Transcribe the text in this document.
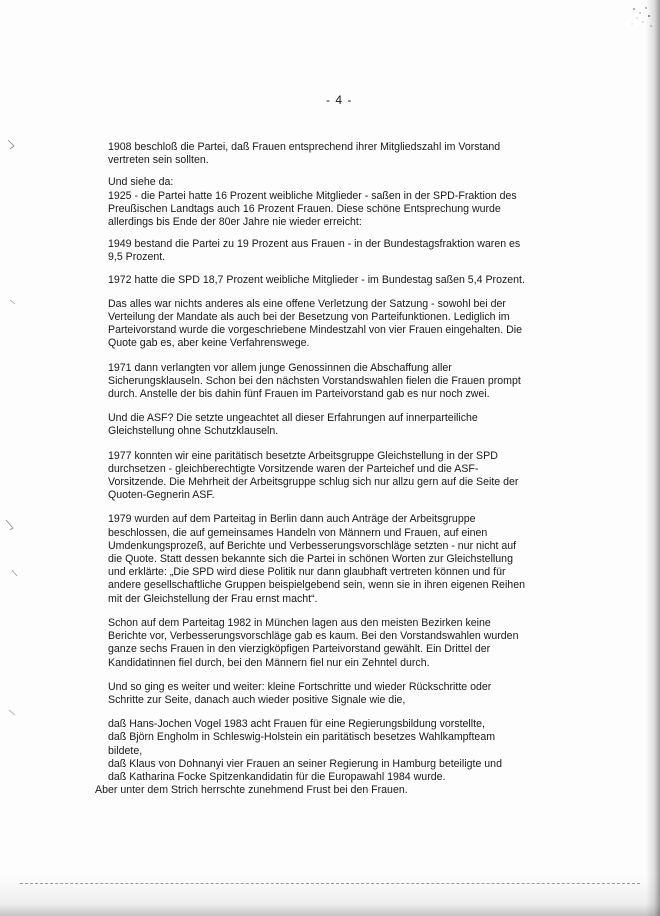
- 4 -

1908 beschloß die Partei, daß Frauen entsprechend ihrer Mitgliedszahl im Vorstand vertreten sein sollten.

Und siehe da:

1925 - die Partei hatte 16 Prozent weibliche Mitglieder - saßen in der SPD-Fraktion des Preußischen Landtags auch 16 Prozent Frauen. Diese schöne Entsprechung wurde allerdings bis Ende der 80er Jahre nie wieder erreicht:

1949 bestand die Partei zu 19 Prozent aus Frauen - in der Bundestagsfraktion waren es 9,5 Prozent.

1972 hatte die SPD 18,7 Prozent weibliche Mitglieder - im Bundestag saßen 5,4 Prozent.

Das alles war nichts anderes als eine offene Verletzung der Satzung - sowohl bei der Verteilung der Mandate als auch bei der Besetzung von Parteifunktionen. Lediglich im Parteivorstand wurde die vorgeschriebene Mindestzahl von vier Frauen eingehalten. Die Quote gab es, aber keine Verfahrenswege.

1971 dann verlangten vor allem junge Genossinnen die Abschaffung aller Sicherungsklauseln. Schon bei den nächsten Vorstandswahlen fielen die Frauen prompt durch. Anstelle der bis dahin fünf Frauen im Parteivorstand gab es nur noch zwei.

Und die ASF? Die setzte ungeachtet all dieser Erfahrungen auf innerparteiliche Gleichstellung ohne Schutzklauseln.

1977 konnten wir eine paritätisch besetzte Arbeitsgruppe Gleichstellung in der SPD durchsetzen - gleichberechtigte Vorsitzende waren der Parteichef und die ASF-Vorsitzende. Die Mehrheit der Arbeitsgruppe schlug sich nur allzu gern auf die Seite der Quoten-Gegnerin ASF.

1979 wurden auf dem Parteitag in Berlin dann auch Anträge der Arbeitsgruppe beschlossen, die auf gemeinsames Handeln von Männern und Frauen, auf einen Umdenkungsprozeß, auf Berichte und Verbesserungsvorschläge setzten - nur nicht auf die Quote. Statt dessen bekannte sich die Partei in schönen Worten zur Gleichstellung und erklärte: „Die SPD wird diese Politik nur dann glaubhaft vertreten können und für andere gesellschaftliche Gruppen beispielgebend sein, wenn sie in ihren eigenen Reihen mit der Gleichstellung der Frau ernst macht“.

Schon auf dem Parteitag 1982 in München lagen aus den meisten Bezirken keine Berichte vor, Verbesserungsvorschläge gab es kaum. Bei den Vorstandswahlen wurden ganze sechs Frauen in den vierzigköpfigen Parteivorstand gewählt. Ein Drittel der Kandidatinnen fiel durch, bei den Männern fiel nur ein Zehntel durch.

Und so ging es weiter und weiter: kleine Fortschritte und wieder Rückschritte oder Schritte zur Seite, danach auch wieder positive Signale wie die,

daß Hans-Jochen Vogel 1983 acht Frauen für eine Regierungsbildung vorstellte,

daß Björn Engholm in Schleswig-Holstein ein paritätisch besetzes Wahlkampfteam bildete,

daß Klaus von Dohnanyi vier Frauen an seiner Regierung in Hamburg beteiligte und

daß Katharina Focke Spitzenkandidatin für die Europawahl 1984 wurde.

Aber unter dem Strich herrschte zunehmend Frust bei den Frauen.
